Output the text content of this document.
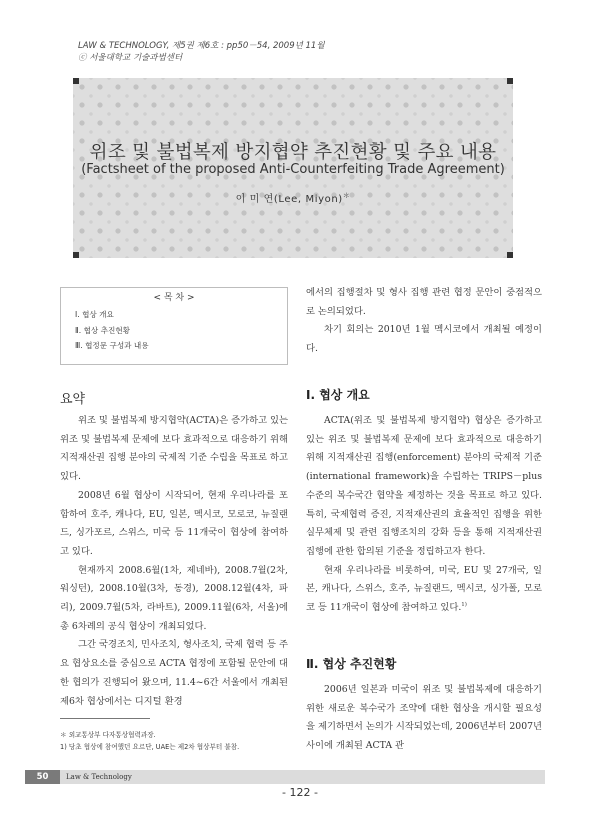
LAW & TECHNOLOGY, 제5권 제6호 : pp50－54, 2009년 11월
ⓒ 서울대학교 기술과법센터
위조 및 불법복제 방지협약 추진현황 및 주요 내용
(Factsheet of the proposed Anti-Counterfeiting Trade Agreement)
이 미 연(Lee, Miyon)＊
< 목 차 >
Ⅰ. 협상 개요
Ⅱ. 협상 추진현황
Ⅲ. 협정문 구성과 내용
요약

위조 및 불법복제 방지협약(ACTA)은 증가하고 있는 위조 및 불법복제 문제에 보다 효과적으로 대응하기 위해 지적재산권 집행 분야의 국제적 기준 수립을 목표로 하고 있다.

2008년 6월 협상이 시작되어, 현재 우리나라를 포함하여 호주, 캐나다, EU, 일본, 멕시코, 모로코, 뉴질랜드, 싱가포르, 스위스, 미국 등 11개국이 협상에 참여하고 있다.

현재까지 2008.6월(1차, 제네바), 2008.7월(2차, 워싱턴), 2008.10월(3차, 동경), 2008.12월(4차, 파리), 2009.7월(5차, 라바트), 2009.11월(6차, 서울)에 총 6차례의 공식 협상이 개최되었다.

그간 국경조치, 민사조치, 형사조치, 국제 협력 등 주요 협상요소를 중심으로 ACTA 협정에 포함될 문안에 대한 협의가 진행되어 왔으며, 11.4~6간 서울에서 개최된 제6차 협상에서는 디지털 환경

에서의 집행절차 및 형사 집행 관련 협정 문안이 중점적으로 논의되었다.

차기 회의는 2010년 1월 멕시코에서 개최될 예정이다.

Ⅰ. 협상 개요

ACTA(위조 및 불법복제 방지협약) 협상은 증가하고 있는 위조 및 불법복제 문제에 보다 효과적으로 대응하기 위해 지적재산권 집행(enforcement) 분야의 국제적 기준(international framework)을 수립하는 TRIPS－plus 수준의 복수국간 협약을 제정하는 것을 목표로 하고 있다. 특히, 국제협력 증진, 지적재산권의 효율적인 집행을 위한 실무체제 및 관련 집행조치의 강화 등을 통해 지적재산권 집행에 관한 합의된 기준을 정립하고자 한다.

현재 우리나라를 비롯하여, 미국, EU 및 27개국, 일본, 캐나다, 스위스, 호주, 뉴질랜드, 멕시코, 싱가폴, 모로코 등 11개국이 협상에 참여하고 있다.$^{1)}$

Ⅱ. 협상 추진현황

2006년 일본과 미국이 위조 및 불법복제에 대응하기 위한 새로운 복수국가 조약에 대한 협상을 개시할 필요성을 제기하면서 논의가 시작되었는데, 2006년부터 2007년 사이에 개최된 ACTA 관

＊ 외교통상부 다자통상협력과장.
1) 당초 협상에 참여했던 요르단, UAE는 제2차 협상부터 불참.
50	Law & Technology
- 122 -
